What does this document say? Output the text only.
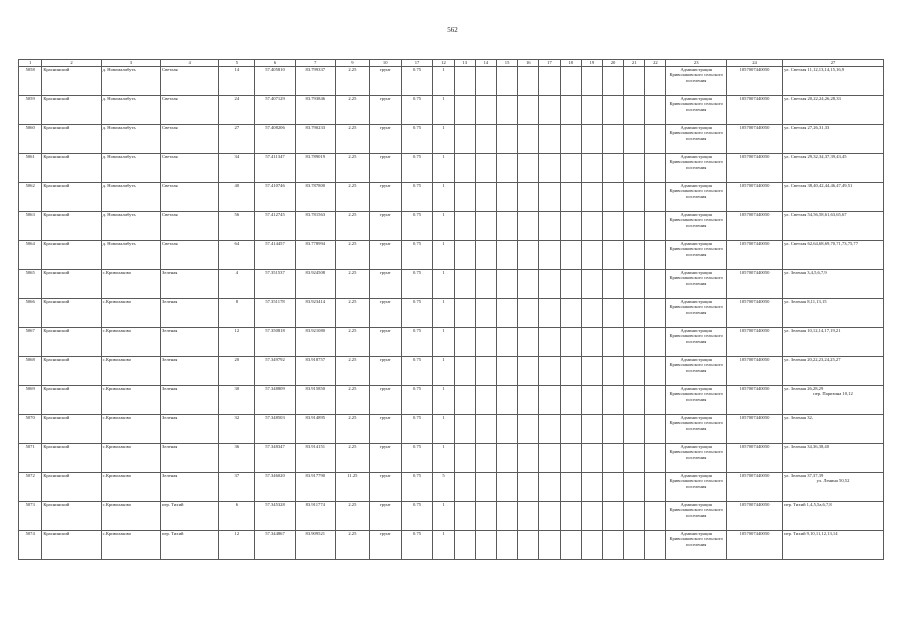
562
1	2	3	4	5	6	7	9	10	17	12	13	14	15	16	17	18	19	20	21	22	23	24	27
5058	Краснинский	д. Новомалибуть	Светлая	14	57.405810	83.799337	2.25	грунт	0.75	1											Администрация Криволаковского сельского поселения	1057007440050	ул. Светлая 11,12,13,14,15,16,9
5059	Краснинский	д. Новомалибуть	Светлая	24	57.407129	83.793846	2.25	грунт	0.75	1											Администрация Криволаковского сельского поселения	1057007440050	ул. Светлая 20,22,24,26,28,33
5060	Краснинский	д. Новомалибуть	Светлая	27	57.408206	83.790233	2.25	грунт	0.75	1											Администрация Криволаковского сельского поселения	1057007440050	ул. Светлая 27,26,31,33
5061	Краснинский	д. Новомалибуть	Светлая	34	57.411347	83.789019	2.25	грунт	0.75	1											Администрация Криволаковского сельского поселения	1057007440050	ул. Светлая 29,32,34,37,39,43,45
5062	Краснинский	д. Новомалибуть	Светлая	40	57.410746	83.787800	2.25	грунт	0.75	1											Администрация Криволаковского сельского поселения	1057007440050	ул. Светлая 38,40,42,44,46,47,49,51
5063	Краснинский	д. Новомалибуть	Светлая	56	57.412745	83.781563	2.25	грунт	0.75	1											Администрация Криволаковского сельского поселения	1057007440050	ул. Светлая 54,56,58,61,63,65,67
5064	Краснинский	д. Новомалибуть	Светлая	64	57.414457	83.778994	2.25	грунт	0.75	1											Администрация Криволаковского сельского поселения	1057007440050	ул. Светлая 62,64,68,69,70,71,73,75,77
5065	Краснинский	с.Криволаково	Зеленая	4	57.351537	83.924508	2.25	грунт	0.75	1											Администрация Криволаковского сельского поселения	1057007440050	ул. Зеленая 3,4,5,6,7,9
5066	Краснинский	с.Криволаково	Зеленая	8	57.351178	83.923414	2.25	грунт	0.75	1											Администрация Криволаковского сельского поселения	1057007440050	ул. Зеленая 8,11,13,15
5067	Краснинский	с.Криволаково	Зеленая	12	57.350818	83.921080	2.25	грунт	0.75	1											Администрация Криволаковского сельского поселения	1057007440050	ул. Зеленая 10,12,14,17,19,21
5068	Краснинский	с.Криволаково	Зеленая	20	57.349792	83.918757	2.25	грунт	0.75	1											Администрация Криволаковского сельского поселения	1057007440050	ул. Зеленая 20,22,23,24,25,27
5069	Краснинский	с.Криволаково	Зеленая	30	57.348809	83.915850	2.25	грунт	0.75	1											Администрация Криволаковского сельского поселения	1057007440050	ул. Зеленая 26,28,29
пер. Паризина 10,12

5070	Краснинский	с.Криволаково	Зеленая	32	57.348503	83.914895	2.25	грунт	0.75	1											Администрация Криволаковского сельского поселения	1057007440050	ул. Зеленая 32,
5071	Краснинский	с.Криволаково	Зеленая	36	57.348347	83.914151	2.25	грунт	0.75	1											Администрация Криволаковского сельского поселения	1057007440050	ул. Зеленая 34,36,38,40
5072	Краснинский	с.Криволаково	Зеленая	37	57.346020	83.917790	11.25	грунт	0.75	5											Администрация Криволаковского сельского поселения	1057007440050	ул. Зеленая 37,37,39
ул. Ленина 50,52

5073	Краснинский	с.Криволаково	пер. Тихий	6	57.345328	83.911774	2.25	грунт	0.75	1											Администрация Криволаковского сельского поселения	1057007440050	пер. Тихий 1,4,5,5а,6,7,8
5074	Краснинский	с.Криволаково	пер. Тихий	12	57.344867	83.909521	2.25	грунт	0.75	1											Администрация Криволаковского сельского поселения	1057007440050	пер. Тихий 9,10,11,12,13,14
